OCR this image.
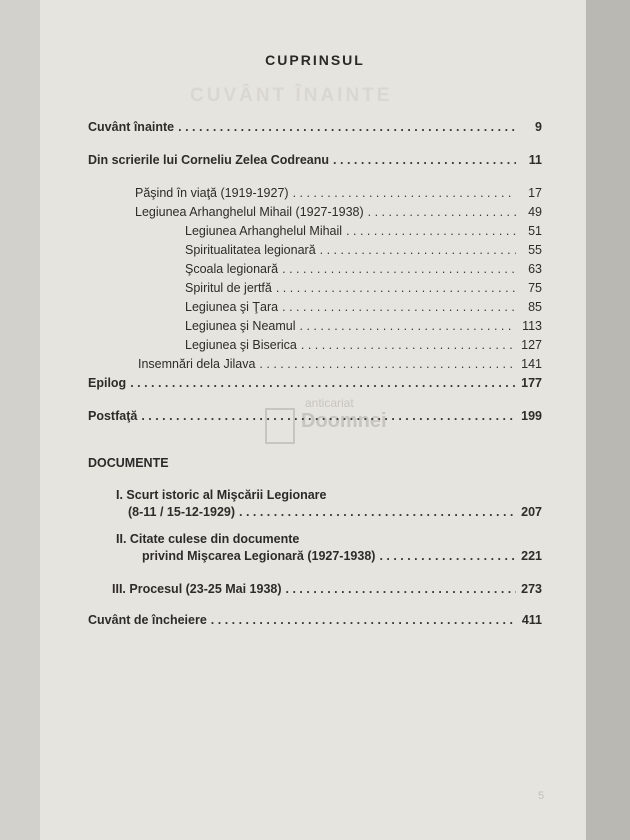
CUVÂNT ÎNAINTE
anticariat
Doomnei
CUPRINSUL
Cuvânt înainte . . .	9
Din scrierile lui Corneliu Zelea Codreanu . . .	11
Păşind în viaţă (1919-1927) . . .	17
Legiunea Arhanghelul Mihail (1927-1938) . . .	49
Legiunea Arhanghelul Mihail . . .	51
Spiritualitatea legionară . . .	55
Şcoala legionară . . .	63
Spiritul de jertfă . . .	75
Legiunea şi Ţara . . .	85
Legiunea şi Neamul . . .	113
Legiunea şi Biserica . . .	127
Insemnări dela Jilava . . .	141
Epilog . . .	177
Postfaţă . . .	199
DOCUMENTE
I. Scurt istoric al Mişcării Legionare
(8-11 / 15-12-1929) . . .	207
II. Citate culese din documente
privind Mişcarea Legionară (1927-1938) . . .	221
III. Procesul (23-25 Mai 1938) . . .	273
Cuvânt de încheiere . . .	411
5
